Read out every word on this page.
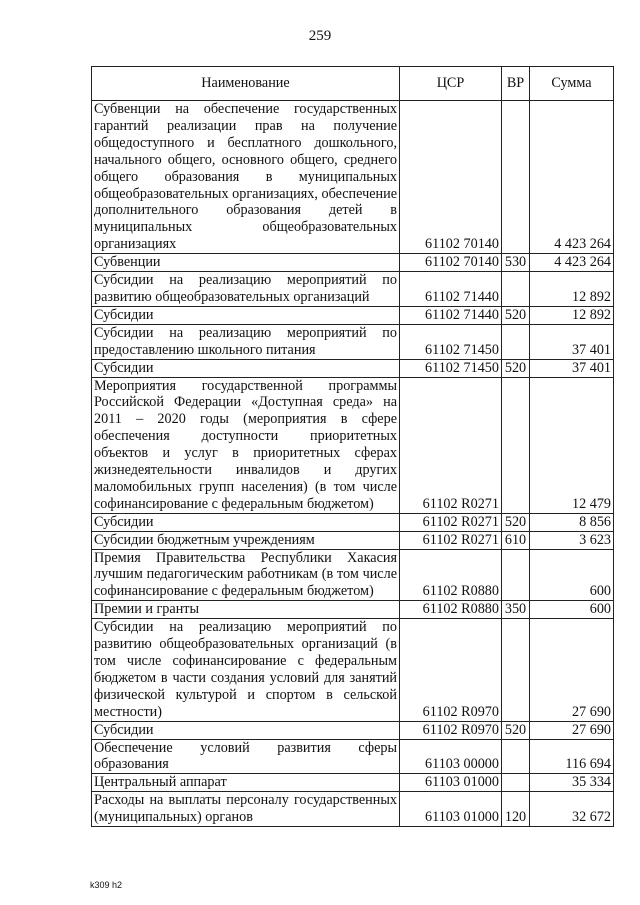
259
Наименование	ЦСР	ВР	Сумма
Субвенции на обеспечение государственных гарантий реализации прав на получение общедоступного и бесплатного дошкольного, начального общего, основного общего, среднего общего образования в муниципальных общеобразовательных организациях, обеспечение дополнительного образования детей в муниципальных общеобразовательных организациях	61102 70140		4 423 264
Субвенции	61102 70140	530	4 423 264
Субсидии на реализацию мероприятий по развитию общеобразовательных организаций	61102 71440		12 892
Субсидии	61102 71440	520	12 892
Субсидии на реализацию мероприятий по предоставлению школьного питания	61102 71450		37 401
Субсидии	61102 71450	520	37 401
Мероприятия государственной программы Российской Федерации «Доступная среда» на 2011 – 2020 годы (мероприятия в сфере обеспечения доступности приоритетных объектов и услуг в приоритетных сферах жизнедеятельности инвалидов и других маломобильных групп населения) (в том числе софинансирование с федеральным бюджетом)	61102 R0271		12 479
Субсидии	61102 R0271	520	8 856
Субсидии бюджетным учреждениям	61102 R0271	610	3 623
Премия Правительства Республики Хакасия лучшим педагогическим работникам (в том числе софинансирование с федеральным бюджетом)	61102 R0880		600
Премии и гранты	61102 R0880	350	600
Субсидии на реализацию мероприятий по развитию общеобразовательных организаций (в том числе софинансирование с федеральным бюджетом в части создания условий для занятий физической культурой и спортом в сельской местности)	61102 R0970		27 690
Субсидии	61102 R0970	520	27 690
Обеспечение условий развития сферы образования	61103 00000		116 694
Центральный аппарат	61103 01000		35 334
Расходы на выплаты персоналу государственных (муниципальных) органов	61103 01000	120	32 672
k309 h2
